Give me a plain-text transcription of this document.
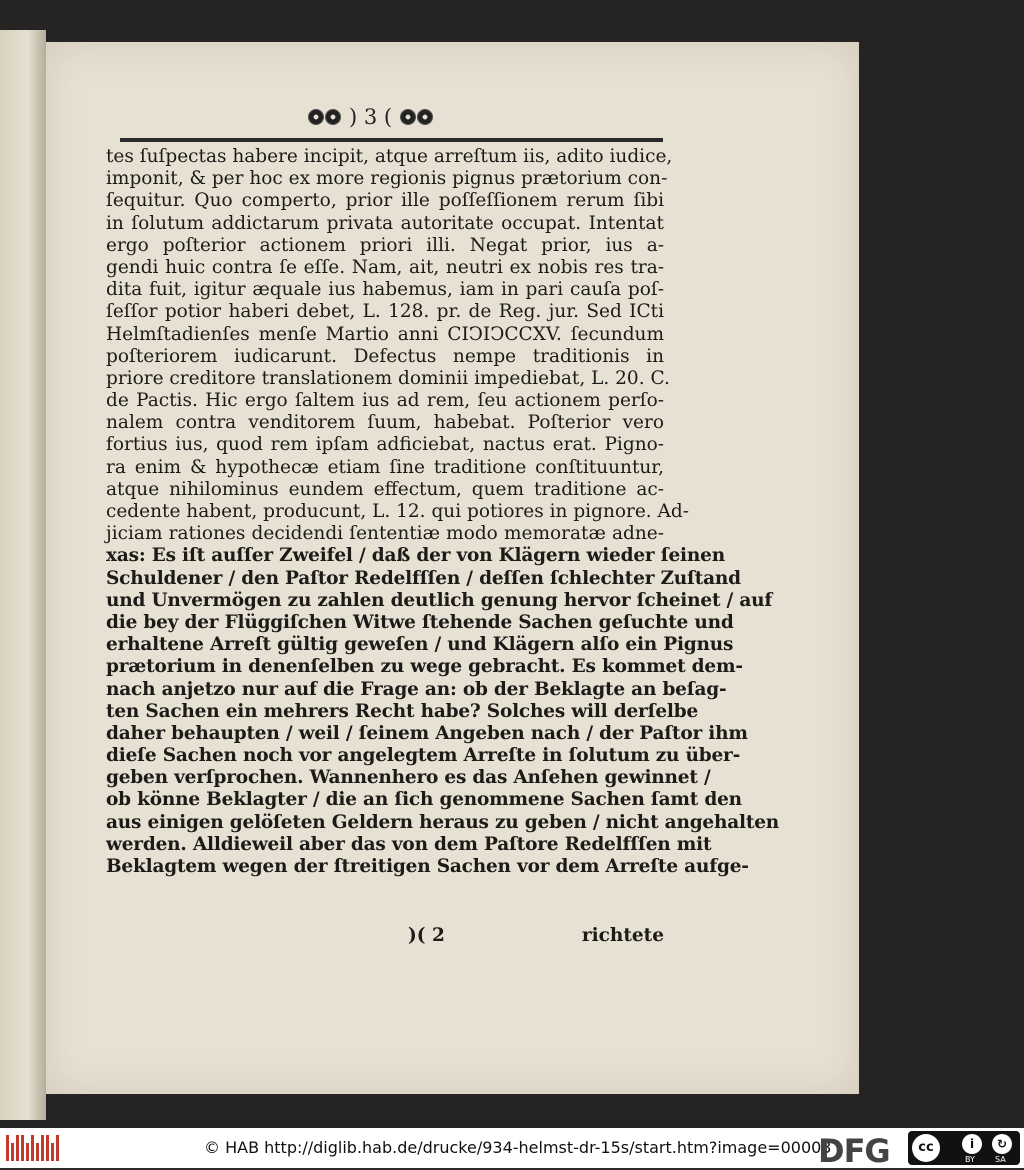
) 3 (
tes ſuſpectas habere incipit, atque arreſtum iis, adito iudice,
imponit, & per hoc ex more regionis pignus prætorium con-
ſequitur. Quo comperto, prior ille poſſeſſionem rerum ſibi
in ſolutum addictarum privata autoritate occupat. Intentat
ergo poſterior actionem priori illi. Negat prior, ius a-
gendi huic contra ſe eſſe. Nam, ait, neutri ex nobis res tra-
dita fuit, igitur æquale ius habemus, iam in pari cauſa poſ-
ſeſſor potior haberi debet, L. 128. pr. de Reg. jur. Sed ICti
Helmſtadienſes menſe Martio anni CIↃIↃCCXV. ſecundum
poſteriorem iudicarunt. Defectus nempe traditionis in
priore creditore translationem dominii impediebat, L. 20. C.
de Pactis. Hic ergo ſaltem ius ad rem, ſeu actionem perſo-
nalem contra venditorem ſuum, habebat. Poſterior vero
fortius ius, quod rem ipſam adficiebat, nactus erat. Pigno-
ra enim & hypothecæ etiam ſine traditione conſtituuntur,
atque nihilominus eundem effectum, quem traditione ac-
cedente habent, producunt, L. 12. qui potiores in pignore. Ad-
jiciam rationes decidendi ſententiæ modo memoratæ adne-
xas: Es iſt auſſer Zweifel / daß der von Klägern wieder ſeinen
Schuldener / den Paſtor Redelfſſen / deſſen ſchlechter Zuſtand
und Unvermögen zu zahlen deutlich genung hervor ſcheinet / auf
die bey der Flüggiſchen Witwe ſtehende Sachen geſuchte und
erhaltene Arreſt gültig geweſen / und Klägern alſo ein Pignus
prætorium in denenſelben zu wege gebracht. Es kommet dem-
nach anjetzo nur auf die Frage an: ob der Beklagte an beſag-
ten Sachen ein mehrers Recht habe? Solches will derſelbe
daher behaupten / weil / ſeinem Angeben nach / der Paſtor ihm
dieſe Sachen noch vor angelegtem Arreſte in ſolutum zu über-
geben verſprochen. Wannenhero es das Anſehen gewinnet /
ob könne Beklagter / die an ſich genommene Sachen ſamt den
aus einigen gelöſeten Geldern heraus zu geben / nicht angehalten
werden. Alldieweil aber das von dem Paſtore Redelfſſen mit
Beklagtem wegen der ſtreitigen Sachen vor dem Arreſte aufge-
)( 2	richtete
© HAB http://diglib.hab.de/drucke/934-helmst-dr-15s/start.htm?image=00003
DFG	cc	i	↻
BY	SA
